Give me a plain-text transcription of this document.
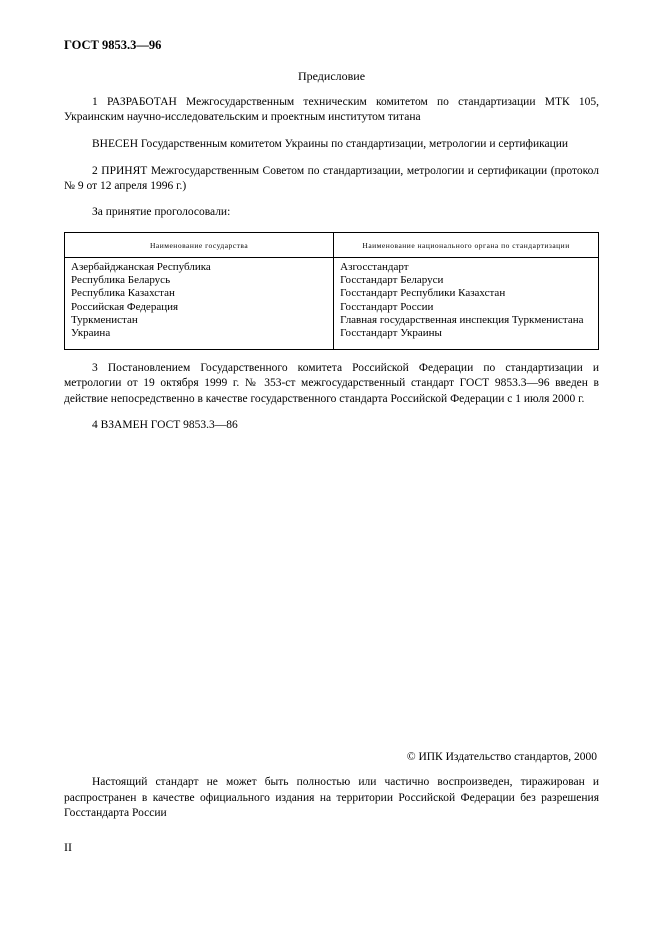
ГОСТ 9853.3—96
Предисловие

1 РАЗРАБОТАН Межгосударственным техническим комитетом по стандартизации МТК 105, Украинским научно-исследовательским и проектным институтом титана

ВНЕСЕН Государственным комитетом Украины по стандартизации, метрологии и сертификации

2 ПРИНЯТ Межгосударственным Советом по стандартизации, метрологии и сертификации (протокол № 9 от 12 апреля 1996 г.)

За принятие проголосовали:

Наименование государства	Наименование национального органа по стандартизации
Азербайджанская Республика
Республика Беларусь
Республика Казахстан
Российская Федерация
Туркменистан
Украина
Азгосстандарт
Госстандарт Беларуси
Госстандарт Республики Казахстан
Госстандарт России
Главная государственная инспекция Туркменистана
Госстандарт Украины

3 Постановлением Государственного комитета Российской Федерации по стандартизации и метрологии от 19 октября 1999 г. № 353-ст межгосударственный стандарт ГОСТ 9853.3—96 введен в действие непосредственно в качестве государственного стандарта Российской Федерации с 1 июля 2000 г.

4 ВЗАМЕН ГОСТ 9853.3—86

© ИПК Издательство стандартов, 2000

Настоящий стандарт не может быть полностью или частично воспроизведен, тиражирован и распространен в качестве официального издания на территории Российской Федерации без разрешения Госстандарта России

II
